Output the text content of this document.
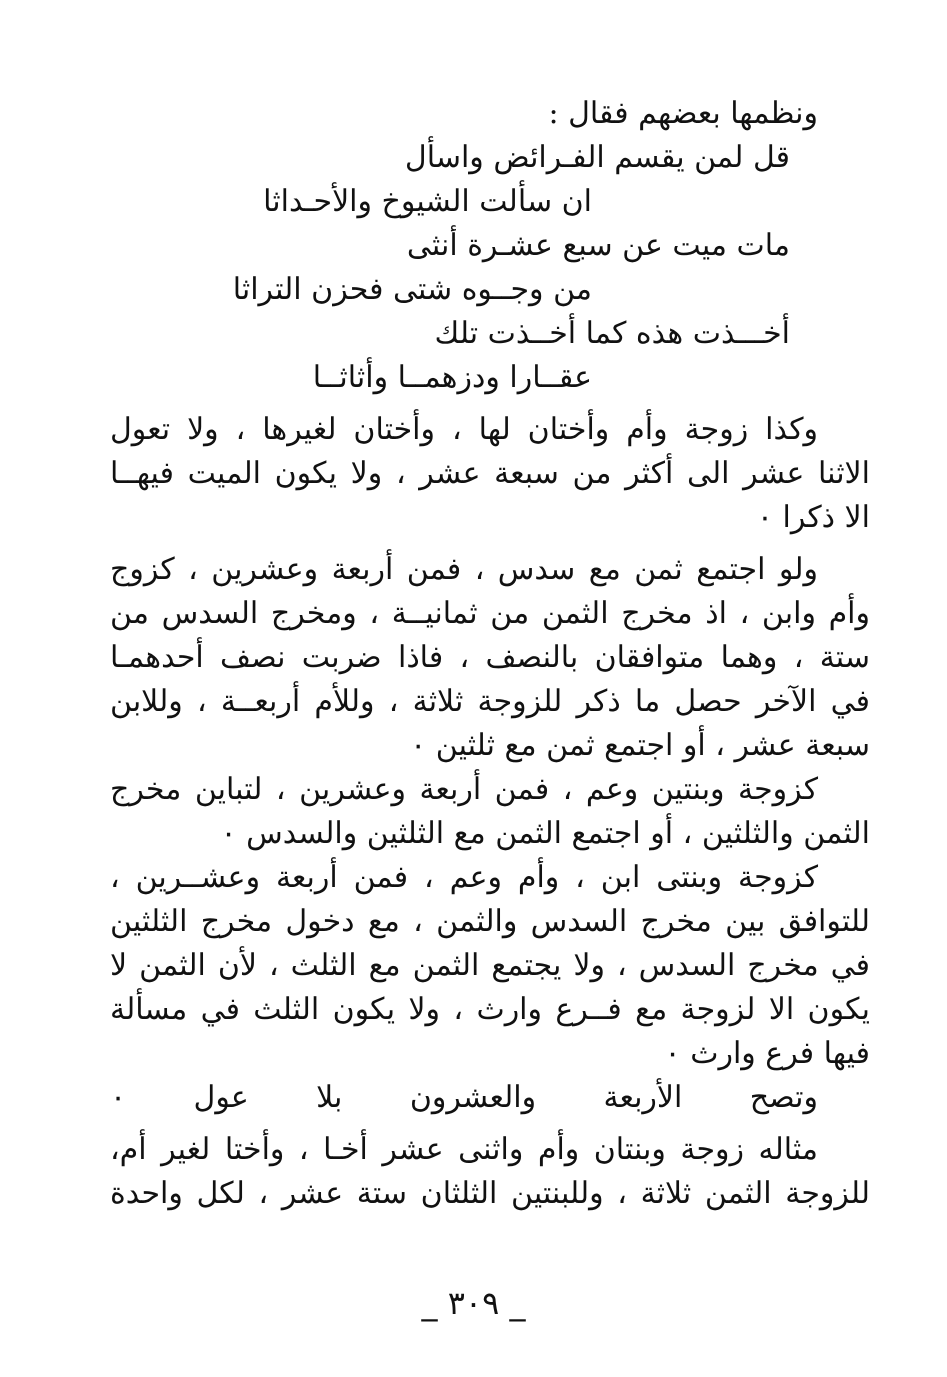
ونظمها بعضهم فقال :
قل لمن يقسم الفـرائض واسأل
ان سألت الشيوخ والأحـداثا
مات ميت عن سبع عشـرة أنثى
من وجــوه شتى فحزن التراثا
أخـــذت هذه كما أخــذت تلك
عقــارا ودزهمــا وأثاثــا
وكذا زوجة وأم وأختان لها ، وأختان لغيرها ، ولا تعول
الاثنا عشر الى أكثر من سبعة عشر ، ولا يكون الميت فيهــا
الا ذكرا ٠
ولو اجتمع ثمن مع سدس ، فمن أربعة وعشرين ، كزوج
وأم وابن ، اذ مخرج الثمن من ثمانيــة ، ومخرج السدس من
ستة ، وهما متوافقان بالنصف ، فاذا ضربت نصف أحدهمـا
في الآخر حصل ما ذكر للزوجة ثلاثة ، وللأم أربعــة ، وللابن
سبعة عشر ، أو اجتمع ثمن مع ثلثين ٠
كزوجة وبنتين وعم ، فمن أربعة وعشرين ، لتباين مخرج
الثمن والثلثين ، أو اجتمع الثمن مع الثلثين والسدس ٠
كزوجة وبنتى ابن ، وأم وعم ، فمن أربعة وعشــرين ،
للتوافق بين مخرج السدس والثمن ، مع دخول مخرج الثلثين
في مخرج السدس ، ولا يجتمع الثمن مع الثلث ، لأن الثمن لا
يكون الا لزوجة مع فــرع وارث ، ولا يكون الثلث في مسألة
فيها فرع وارث ٠
وتصح الأربعة والعشرون بلا عول ٠
مثاله زوجة وبنتان وأم واثنى عشر أخـا ، وأختا لغير أم،
للزوجة الثمن ثلاثة ، وللبنتين الثلثان ستة عشر ، لكل واحدة
_ ٣٠٩ _
